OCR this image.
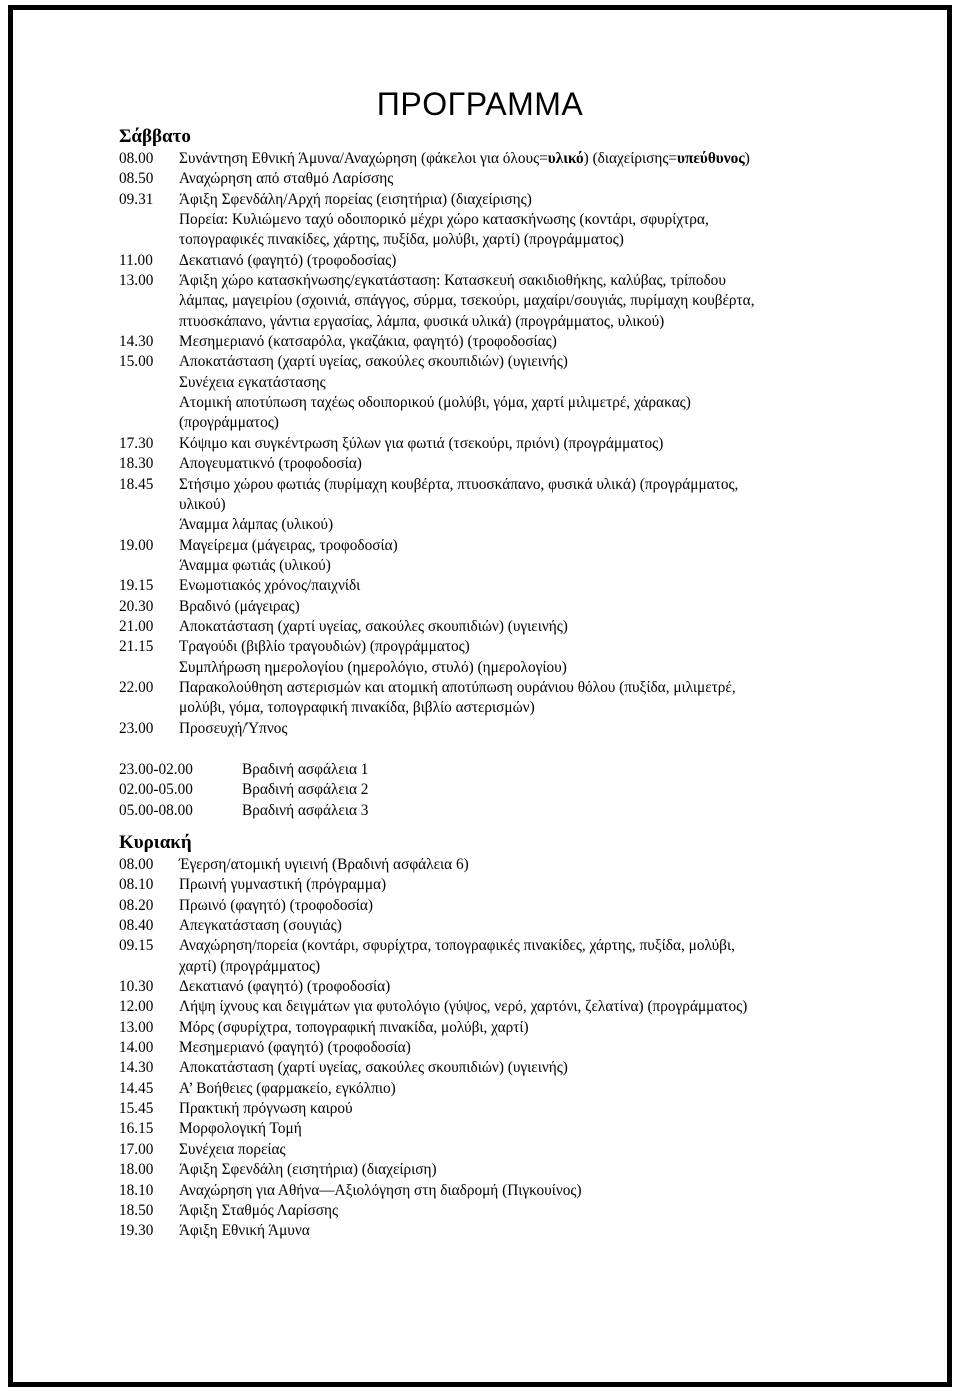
ΠΡΟΓΡΑΜΜΑ
Σάββατο
08.00	Συνάντηση Εθνική Άμυνα/Αναχώρηση (φάκελοι για όλους=υλικό) (διαχείρισης=υπεύθυνος)
08.50	Αναχώρηση από σταθμό Λαρίσσης
09.31	Άφιξη Σφενδάλη/Αρχή πορείας (εισητήρια) (διαχείρισης)
Πορεία: Κυλιώμενο ταχύ οδοιπορικό μέχρι χώρο κατασκήνωσης (κοντάρι, σφυρίχτρα,
τοπογραφικές πινακίδες, χάρτης, πυξίδα, μολύβι, χαρτί) (προγράμματος)
11.00	Δεκατιανό (φαγητό) (τροφοδοσίας)
13.00	Άφιξη χώρο κατασκήνωσης/εγκατάσταση: Κατασκευή σακιδιοθήκης, καλύβας, τρίποδου
λάμπας, μαγειρίου (σχοινιά, σπάγγος, σύρμα, τσεκούρι, μαχαίρι/σουγιάς, πυρίμαχη κουβέρτα,
πτυοσκάπανο, γάντια εργασίας, λάμπα, φυσικά υλικά) (προγράμματος, υλικού)
14.30	Μεσημεριανό (κατσαρόλα, γκαζάκια, φαγητό) (τροφοδοσίας)
15.00	Αποκατάσταση (χαρτί υγείας, σακούλες σκουπιδιών) (υγιεινής)
Συνέχεια εγκατάστασης
Ατομική αποτύπωση ταχέως οδοιπορικού (μολύβι, γόμα, χαρτί μιλιμετρέ, χάρακας)
(προγράμματος)
17.30	Κόψιμο και συγκέντρωση ξύλων για φωτιά (τσεκούρι, πριόνι) (προγράμματος)
18.30	Απογευματικνό (τροφοδοσία)
18.45	Στήσιμο χώρου φωτιάς (πυρίμαχη κουβέρτα, πτυοσκάπανο, φυσικά υλικά) (προγράμματος,
υλικού)
Άναμμα λάμπας (υλικού)
19.00	Μαγείρεμα (μάγειρας, τροφοδοσία)
Άναμμα φωτιάς (υλικού)
19.15	Ενωμοτιακός χρόνος/παιχνίδι
20.30	Βραδινό (μάγειρας)
21.00	Αποκατάσταση (χαρτί υγείας, σακούλες σκουπιδιών) (υγιεινής)
21.15	Τραγούδι (βιβλίο τραγουδιών) (προγράμματος)
Συμπλήρωση ημερολογίου (ημερολόγιο, στυλό) (ημερολογίου)
22.00	Παρακολούθηση αστερισμών και ατομική αποτύπωση ουράνιου θόλου (πυξίδα, μιλιμετρέ,
μολύβι, γόμα, τοπογραφική πινακίδα, βιβλίο αστερισμών)
23.00	Προσευχή/Ύπνος
23.00-02.00	Βραδινή ασφάλεια 1
02.00-05.00	Βραδινή ασφάλεια 2
05.00-08.00	Βραδινή ασφάλεια 3
Κυριακή
08.00	Έγερση/ατομική υγιεινή (Βραδινή ασφάλεια 6)
08.10	Πρωινή γυμναστική (πρόγραμμα)
08.20	Πρωινό (φαγητό) (τροφοδοσία)
08.40	Απεγκατάσταση (σουγιάς)
09.15	Αναχώρηση/πορεία (κοντάρι, σφυρίχτρα, τοπογραφικές πινακίδες, χάρτης, πυξίδα, μολύβι,
χαρτί) (προγράμματος)
10.30	Δεκατιανό (φαγητό) (τροφοδοσία)
12.00	Λήψη ίχνους και δειγμάτων για φυτολόγιο (γύψος, νερό, χαρτόνι, ζελατίνα) (προγράμματος)
13.00	Μόρς (σφυρίχτρα, τοπογραφική πινακίδα, μολύβι, χαρτί)
14.00	Μεσημεριανό (φαγητό) (τροφοδοσία)
14.30	Αποκατάσταση (χαρτί υγείας, σακούλες σκουπιδιών) (υγιεινής)
14.45	Α’ Βοήθειες (φαρμακείο, εγκόλπιο)
15.45	Πρακτική πρόγνωση καιρού
16.15	Μορφολογική Τομή
17.00	Συνέχεια πορείας
18.00	Άφιξη Σφενδάλη (εισητήρια) (διαχείριση)
18.10	Αναχώρηση για Αθήνα—Αξιολόγηση στη διαδρομή (Πιγκουίνος)
18.50	Άφιξη Σταθμός Λαρίσσης
19.30	Άφιξη Εθνική Άμυνα
